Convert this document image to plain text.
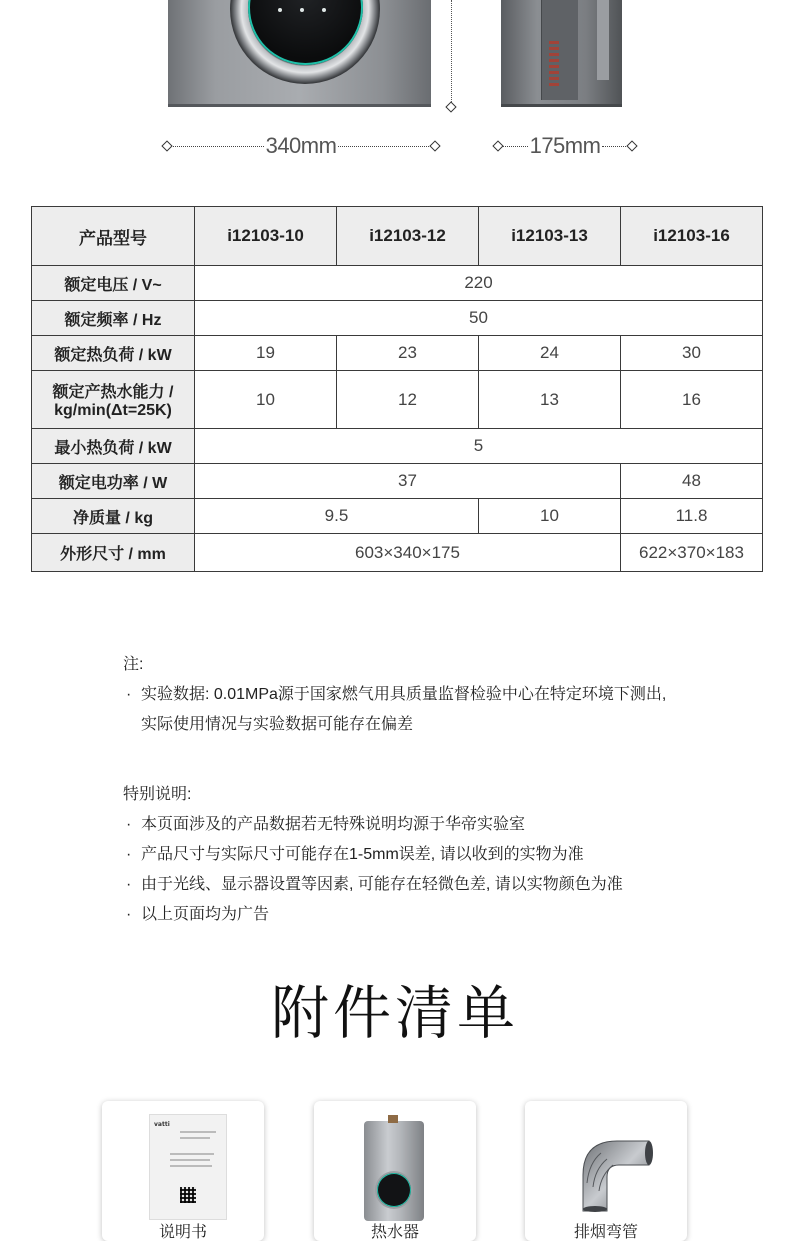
340mm	175mm
产品型号	i12103-10	i12103-12	i12103-13	i12103-16
额定电压 / V~	220			
额定频率 / Hz	50			
额定热负荷 / kW	19	23	24	30

额定产热水能力 /
kg/min(Δt=25K)	10	12	13	16
最小热负荷 / kW	5			
额定电功率 / W	37			48
净质量 / kg	9.5		10	11.8
外形尺寸 / mm	603×340×175			622×370×183
注:
· 实验数据: 0.01MPa源于国家燃气用具质量监督检验中心在特定环境下测出,
实际使用情况与实验数据可能存在偏差
特别说明:
· 本页面涉及的产品数据若无特殊说明均源于华帝实验室
· 产品尺寸与实际尺寸可能存在1-5mm误差, 请以收到的实物为准
· 由于光线、显示器设置等因素, 可能存在轻微色差, 请以实物颜色为准
· 以上页面均为广告
附件清单
vatti
说明书	热水器	排烟弯管
